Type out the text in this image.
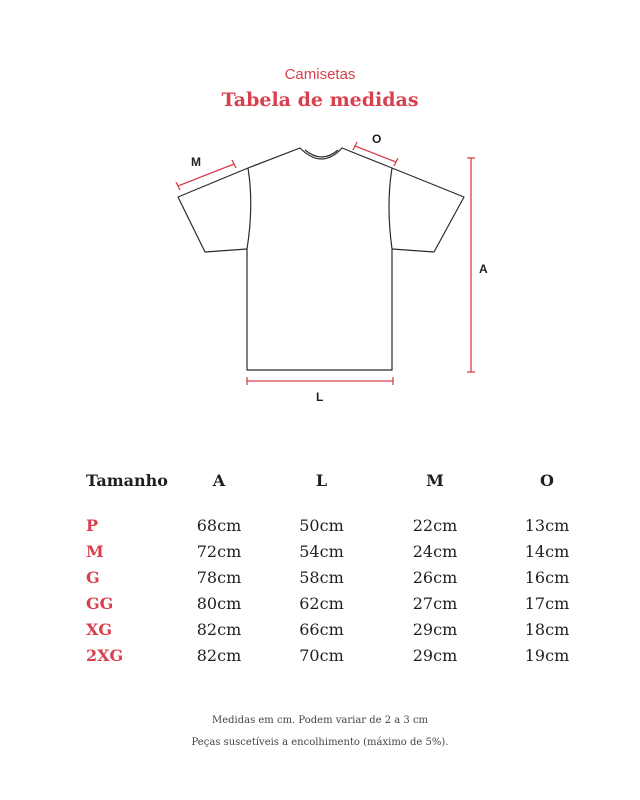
Camisetas
Tabela de medidas
M
O
A
L
Tamanho	A	L	M	O
P	68cm	50cm	22cm	13cm
M	72cm	54cm	24cm	14cm
G	78cm	58cm	26cm	16cm
GG	80cm	62cm	27cm	17cm
XG	82cm	66cm	29cm	18cm
2XG	82cm	70cm	29cm	19cm
Medidas em cm. Podem variar de 2 a 3 cm
Peças suscetíveis a encolhimento (máximo de 5%).
